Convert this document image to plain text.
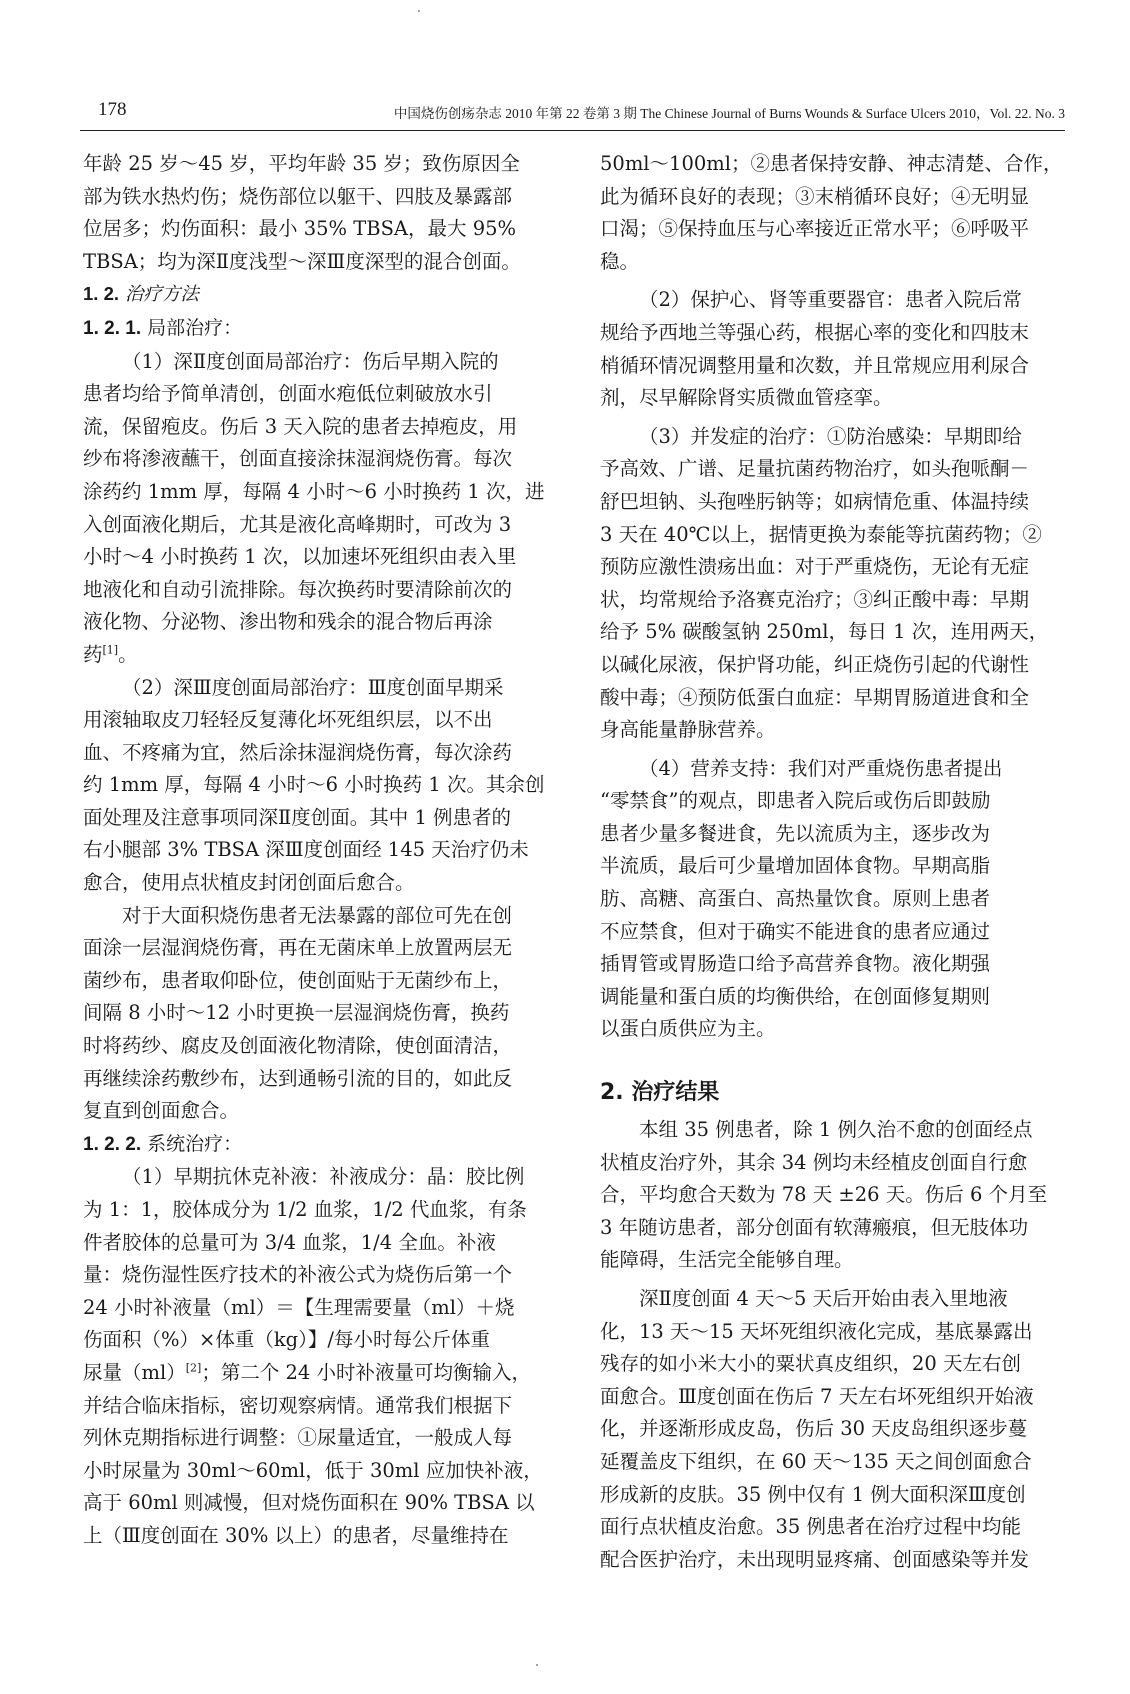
178	中国烧伤创疡杂志 2010 年第 22 卷第 3 期 The Chinese Journal of Burns Wounds & Surface Ulcers 2010，Vol. 22. No. 3

年龄 25 岁～45 岁，平均年龄 35 岁；致伤原因全
部为铁水热灼伤；烧伤部位以躯干、四肢及暴露部
位居多；灼伤面积：最小 35% TBSA，最大 95%
TBSA；均为深Ⅱ度浅型～深Ⅲ度深型的混合创面。

1. 2. 治疗方法

1. 2. 1. 局部治疗：

（1）深Ⅱ度创面局部治疗：伤后早期入院的
患者均给予简单清创，创面水疱低位刺破放水引
流，保留疱皮。伤后 3 天入院的患者去掉疱皮，用
纱布将渗液蘸干，创面直接涂抹湿润烧伤膏。每次
涂药约 1mm 厚，每隔 4 小时～6 小时换药 1 次，进
入创面液化期后，尤其是液化高峰期时，可改为 3
小时～4 小时换药 1 次，以加速坏死组织由表入里
地液化和自动引流排除。每次换药时要清除前次的
液化物、分泌物、渗出物和残余的混合物后再涂
药[1]。

（2）深Ⅲ度创面局部治疗：Ⅲ度创面早期采
用滚轴取皮刀轻轻反复薄化坏死组织层，以不出
血、不疼痛为宜，然后涂抹湿润烧伤膏，每次涂药
约 1mm 厚，每隔 4 小时～6 小时换药 1 次。其余创
面处理及注意事项同深Ⅱ度创面。其中 1 例患者的
右小腿部 3% TBSA 深Ⅲ度创面经 145 天治疗仍未
愈合，使用点状植皮封闭创面后愈合。

对于大面积烧伤患者无法暴露的部位可先在创
面涂一层湿润烧伤膏，再在无菌床单上放置两层无
菌纱布，患者取仰卧位，使创面贴于无菌纱布上，
间隔 8 小时～12 小时更换一层湿润烧伤膏，换药
时将药纱、腐皮及创面液化物清除，使创面清洁，
再继续涂药敷纱布，达到通畅引流的目的，如此反
复直到创面愈合。

1. 2. 2. 系统治疗：

（1）早期抗休克补液：补液成分：晶：胶比例
为 1：1，胶体成分为 1/2 血浆，1/2 代血浆，有条
件者胶体的总量可为 3/4 血浆，1/4 全血。补液
量：烧伤湿性医疗技术的补液公式为烧伤后第一个
24 小时补液量（ml）＝【生理需要量（ml）＋烧
伤面积（%）×体重（kg）】/每小时每公斤体重
尿量（ml）[2]；第二个 24 小时补液量可均衡输入，
并结合临床指标，密切观察病情。通常我们根据下
列休克期指标进行调整：①尿量适宜，一般成人每
小时尿量为 30ml～60ml，低于 30ml 应加快补液，
高于 60ml 则减慢，但对烧伤面积在 90% TBSA 以
上（Ⅲ度创面在 30% 以上）的患者，尽量维持在

50ml～100ml；②患者保持安静、神志清楚、合作，
此为循环良好的表现；③末梢循环良好；④无明显
口渴；⑤保持血压与心率接近正常水平；⑥呼吸平
稳。

（2）保护心、肾等重要器官：患者入院后常
规给予西地兰等强心药，根据心率的变化和四肢末
梢循环情况调整用量和次数，并且常规应用利尿合
剂，尽早解除肾实质微血管痉挛。

（3）并发症的治疗：①防治感染：早期即给
予高效、广谱、足量抗菌药物治疗，如头孢哌酮－
舒巴坦钠、头孢唑肟钠等；如病情危重、体温持续
3 天在 40℃以上，据情更换为泰能等抗菌药物；②
预防应激性溃疡出血：对于严重烧伤，无论有无症
状，均常规给予洛赛克治疗；③纠正酸中毒：早期
给予 5% 碳酸氢钠 250ml，每日 1 次，连用两天，
以碱化尿液，保护肾功能，纠正烧伤引起的代谢性
酸中毒；④预防低蛋白血症：早期胃肠道进食和全
身高能量静脉营养。

（4）营养支持：我们对严重烧伤患者提出
“零禁食”的观点，即患者入院后或伤后即鼓励
患者少量多餐进食，先以流质为主，逐步改为
半流质，最后可少量增加固体食物。早期高脂
肪、高糖、高蛋白、高热量饮食。原则上患者
不应禁食，但对于确实不能进食的患者应通过
插胃管或胃肠造口给予高营养食物。液化期强
调能量和蛋白质的均衡供给，在创面修复期则
以蛋白质供应为主。

2. 治疗结果

本组 35 例患者，除 1 例久治不愈的创面经点
状植皮治疗外，其余 34 例均未经植皮创面自行愈
合，平均愈合天数为 78 天 ±26 天。伤后 6 个月至
3 年随访患者，部分创面有软薄瘢痕，但无肢体功
能障碍，生活完全能够自理。

深Ⅱ度创面 4 天～5 天后开始由表入里地液
化，13 天～15 天坏死组织液化完成，基底暴露出
残存的如小米大小的粟状真皮组织，20 天左右创
面愈合。Ⅲ度创面在伤后 7 天左右坏死组织开始液
化，并逐渐形成皮岛，伤后 30 天皮岛组织逐步蔓
延覆盖皮下组织，在 60 天～135 天之间创面愈合
形成新的皮肤。35 例中仅有 1 例大面积深Ⅲ度创
面行点状植皮治愈。35 例患者在治疗过程中均能
配合医护治疗，未出现明显疼痛、创面感染等并发
